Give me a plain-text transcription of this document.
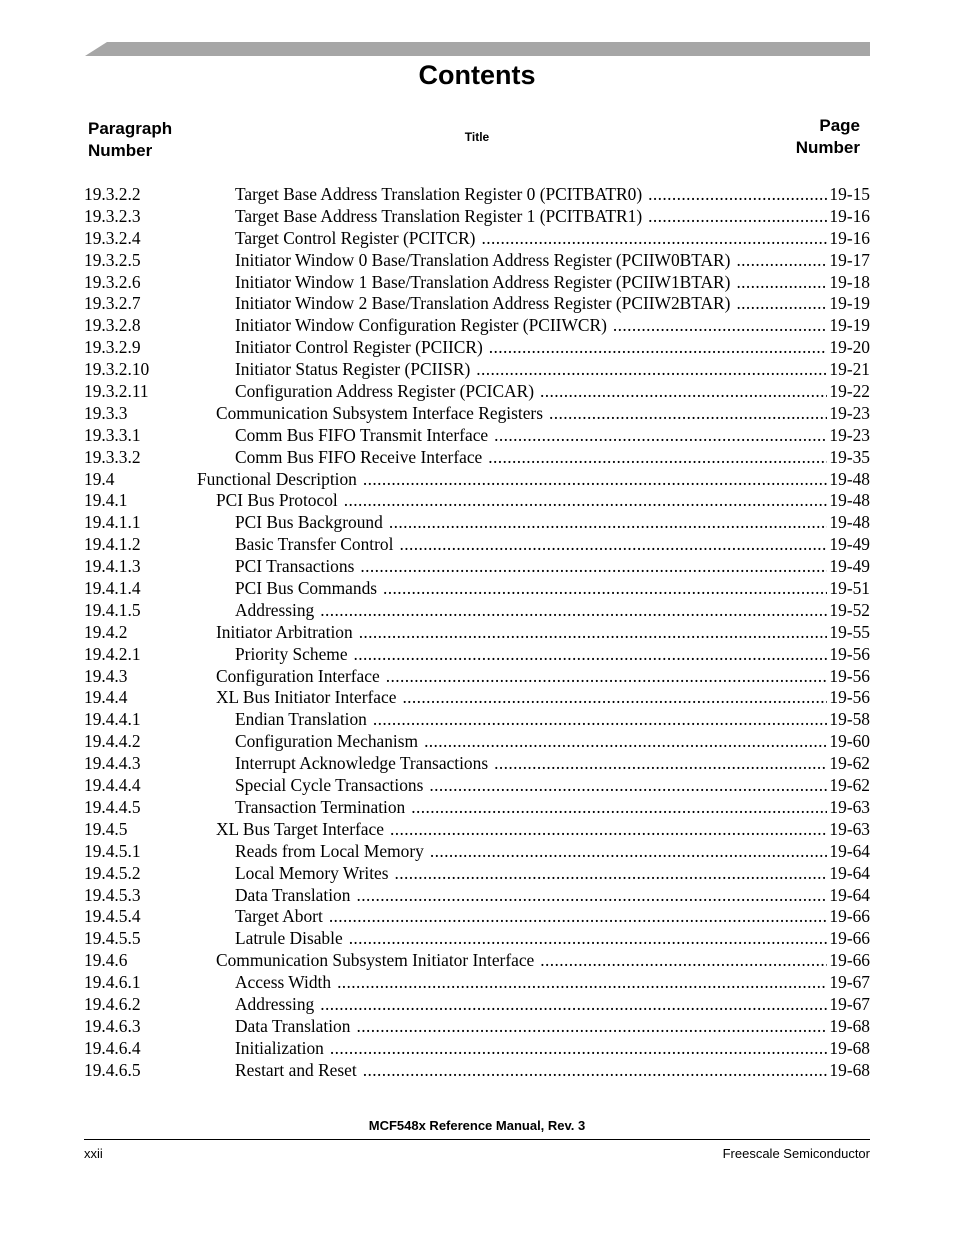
Contents
Paragraph
Number
Title
Page
Number
19.3.2.2	Target Base Address Translation Register 0 (PCITBATR0) .....	19-15
19.3.2.3	Target Base Address Translation Register 1 (PCITBATR1) .....	19-16
19.3.2.4	Target Control Register (PCITCR) .....	19-16
19.3.2.5	Initiator Window 0 Base/Translation Address Register (PCIIW0BTAR) .....	19-17
19.3.2.6	Initiator Window 1 Base/Translation Address Register (PCIIW1BTAR) .....	19-18
19.3.2.7	Initiator Window 2 Base/Translation Address Register (PCIIW2BTAR) .....	19-19
19.3.2.8	Initiator Window Configuration Register (PCIIWCR) .....	19-19
19.3.2.9	Initiator Control Register (PCIICR) .....	19-20
19.3.2.10	Initiator Status Register (PCIISR) .....	19-21
19.3.2.11	Configuration Address Register (PCICAR) .....	19-22
19.3.3	Communication Subsystem Interface Registers .....	19-23
19.3.3.1	Comm Bus FIFO Transmit Interface .....	19-23
19.3.3.2	Comm Bus FIFO Receive Interface .....	19-35
19.4	Functional Description .....	19-48
19.4.1	PCI Bus Protocol .....	19-48
19.4.1.1	PCI Bus Background .....	19-48
19.4.1.2	Basic Transfer Control .....	19-49
19.4.1.3	PCI Transactions .....	19-49
19.4.1.4	PCI Bus Commands .....	19-51
19.4.1.5	Addressing .....	19-52
19.4.2	Initiator Arbitration .....	19-55
19.4.2.1	Priority Scheme .....	19-56
19.4.3	Configuration Interface .....	19-56
19.4.4	XL Bus Initiator Interface .....	19-56
19.4.4.1	Endian Translation .....	19-58
19.4.4.2	Configuration Mechanism .....	19-60
19.4.4.3	Interrupt Acknowledge Transactions .....	19-62
19.4.4.4	Special Cycle Transactions .....	19-62
19.4.4.5	Transaction Termination .....	19-63
19.4.5	XL Bus Target Interface .....	19-63
19.4.5.1	Reads from Local Memory .....	19-64
19.4.5.2	Local Memory Writes .....	19-64
19.4.5.3	Data Translation .....	19-64
19.4.5.4	Target Abort .....	19-66
19.4.5.5	Latrule Disable .....	19-66
19.4.6	Communication Subsystem Initiator Interface .....	19-66
19.4.6.1	Access Width .....	19-67
19.4.6.2	Addressing .....	19-67
19.4.6.3	Data Translation .....	19-68
19.4.6.4	Initialization .....	19-68
19.4.6.5	Restart and Reset .....	19-68
MCF548x Reference Manual, Rev. 3
xxii	Freescale Semiconductor
